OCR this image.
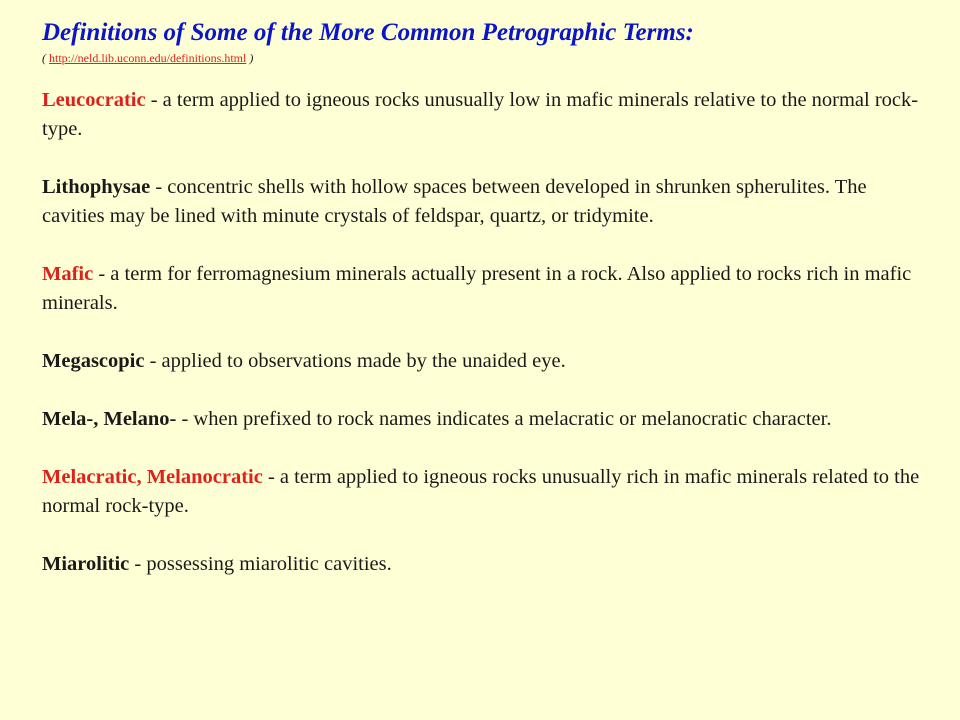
Definitions of Some of the More Common Petrographic Terms:

( http://neld.lib.uconn.edu/definitions.html )

Leucocratic - a term applied to igneous rocks unusually low in mafic minerals relative to the normal rock-type.

Lithophysae - concentric shells with hollow spaces between developed in shrunken spherulites. The cavities may be lined with minute crystals of feldspar, quartz, or tridymite.

Mafic - a term for ferromagnesium minerals actually present in a rock. Also applied to rocks rich in mafic minerals.

Megascopic - applied to observations made by the unaided eye.

Mela-, Melano- - when prefixed to rock names indicates a melacratic or melanocratic character.

Melacratic, Melanocratic - a term applied to igneous rocks unusually rich in mafic minerals related to the normal rock-type.

Miarolitic - possessing miarolitic cavities.
